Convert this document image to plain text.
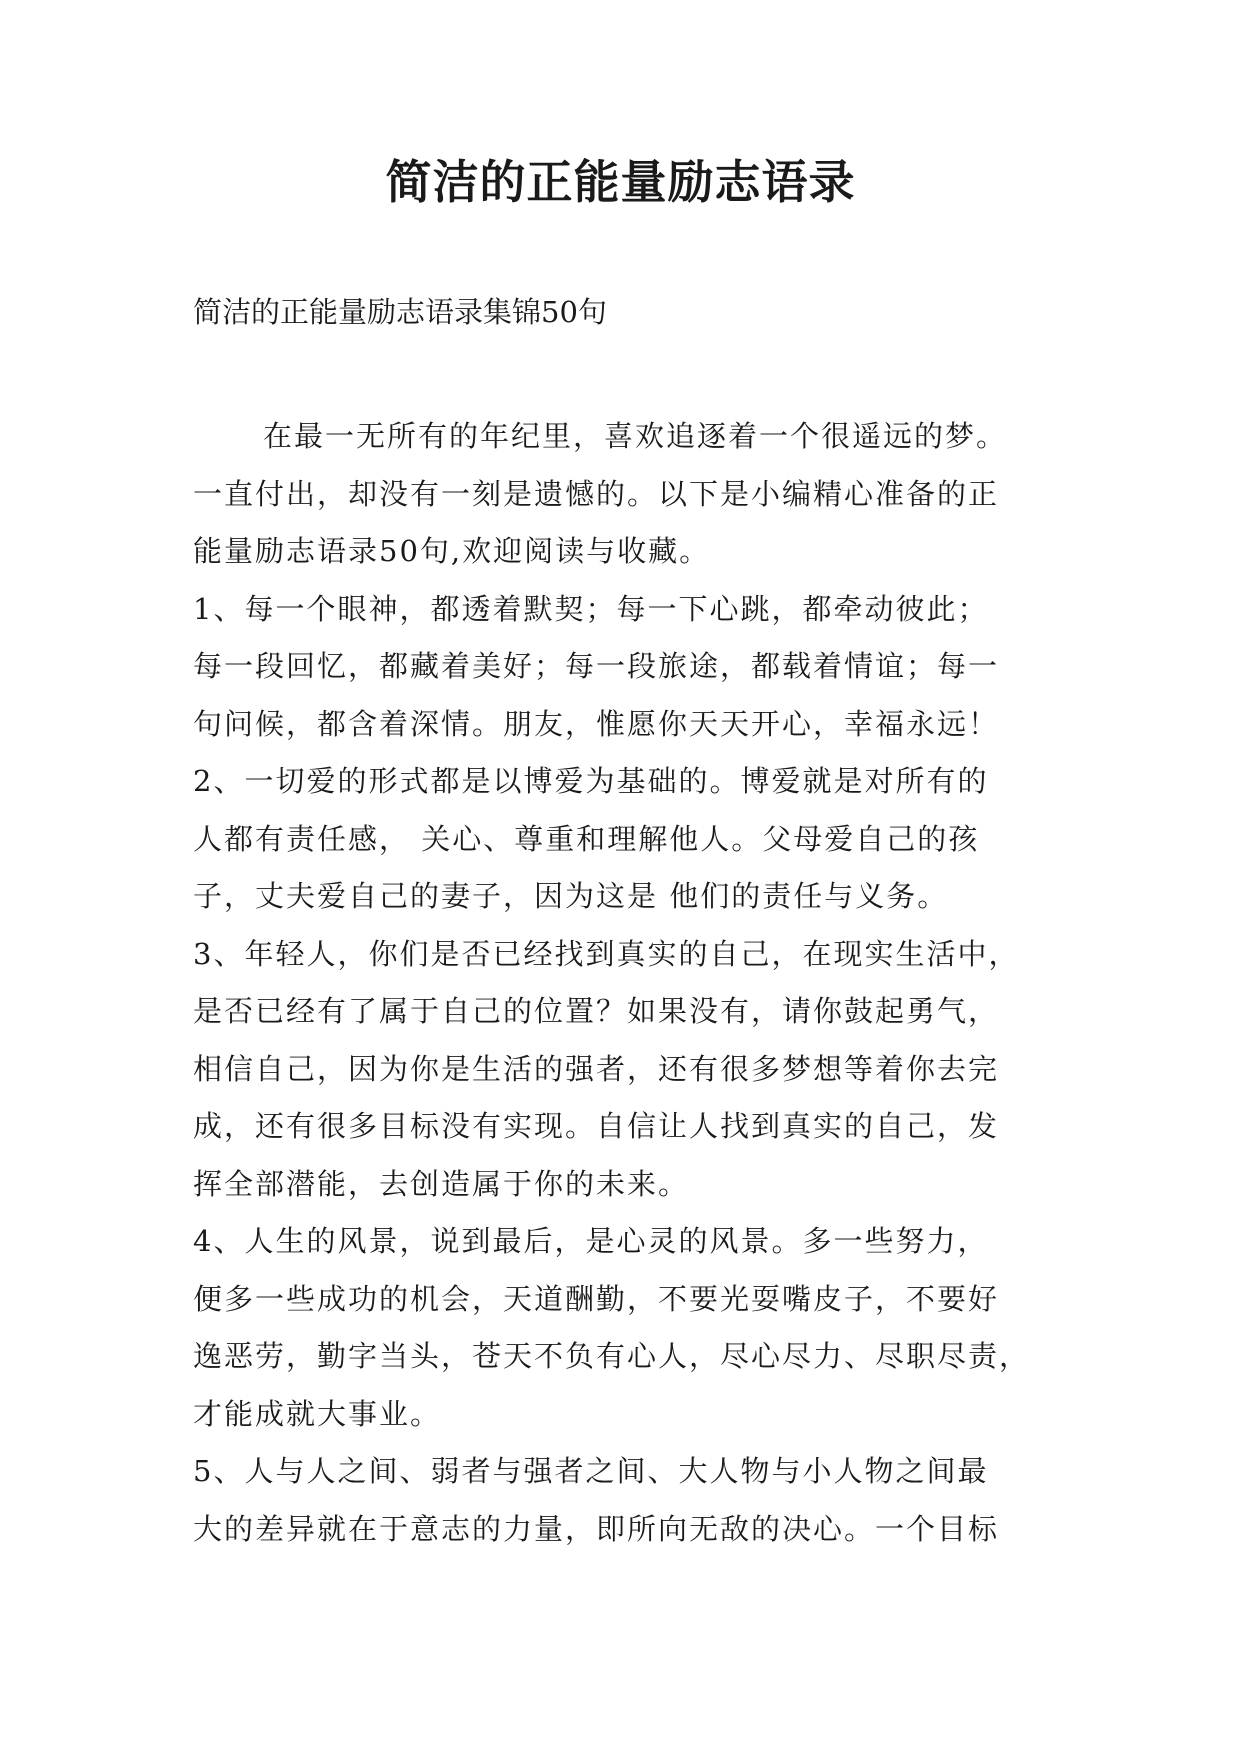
简洁的正能量励志语录

简洁的正能量励志语录集锦50句

在最一无所有的年纪里，喜欢追逐着一个很遥远的梦。
一直付出，却没有一刻是遗憾的。以下是小编精心准备的正
能量励志语录50句,欢迎阅读与收藏。
1、每一个眼神，都透着默契；每一下心跳，都牵动彼此；
每一段回忆，都藏着美好；每一段旅途，都载着情谊；每一
句问候，都含着深情。朋友，惟愿你天天开心，幸福永远！
2、一切爱的形式都是以博爱为基础的。博爱就是对所有的
人都有责任感， 关心、尊重和理解他人。父母爱自己的孩
子，丈夫爱自己的妻子，因为这是 他们的责任与义务。
3、年轻人，你们是否已经找到真实的自己，在现实生活中，
是否已经有了属于自己的位置？如果没有，请你鼓起勇气，
相信自己，因为你是生活的强者，还有很多梦想等着你去完
成，还有很多目标没有实现。自信让人找到真实的自己，发
挥全部潜能，去创造属于你的未来。
4、人生的风景，说到最后，是心灵的风景。多一些努力，
便多一些成功的机会，天道酬勤，不要光耍嘴皮子，不要好
逸恶劳，勤字当头，苍天不负有心人，尽心尽力、尽职尽责，
才能成就大事业。
5、人与人之间、弱者与强者之间、大人物与小人物之间最
大的差异就在于意志的力量，即所向无敌的决心。一个目标
